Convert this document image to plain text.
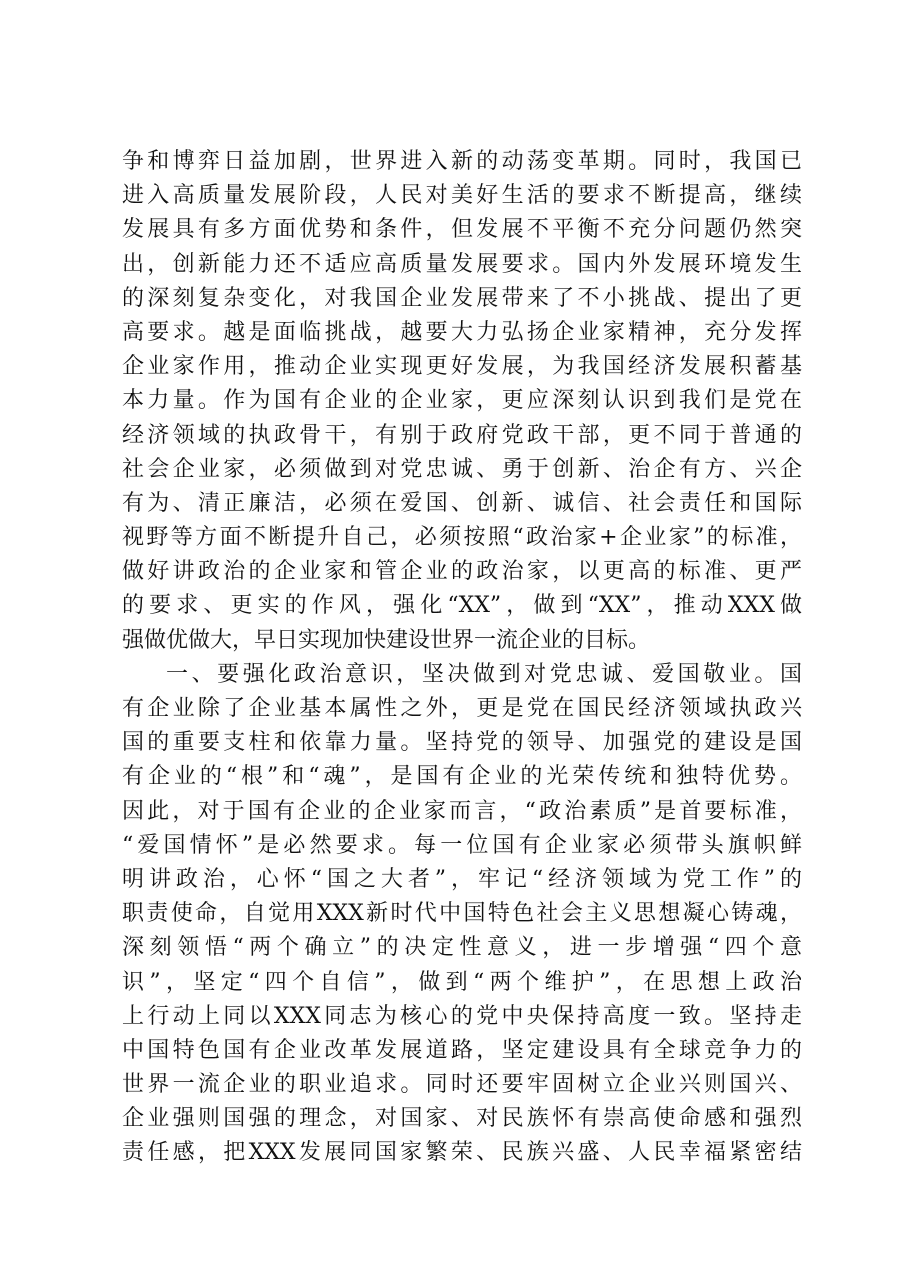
争和博弈日益加剧，世界进入新的动荡变革期。同时，我国已
进入高质量发展阶段，人民对美好生活的要求不断提高，继续
发展具有多方面优势和条件，但发展不平衡不充分问题仍然突
出，创新能力还不适应高质量发展要求。国内外发展环境发生
的深刻复杂变化，对我国企业发展带来了不小挑战、提出了更
高要求。越是面临挑战，越要大力弘扬企业家精神，充分发挥
企业家作用，推动企业实现更好发展，为我国经济发展积蓄基
本力量。作为国有企业的企业家，更应深刻认识到我们是党在
经济领域的执政骨干，有别于政府党政干部，更不同于普通的
社会企业家，必须做到对党忠诚、勇于创新、治企有方、兴企
有为、清正廉洁，必须在爱国、创新、诚信、社会责任和国际
视野等方面不断提升自己，必须按照“政治家+企业家”的标准，
做好讲政治的企业家和管企业的政治家，以更高的标准、更严
的要求、更实的作风，强化“XX”，做到“XX”，推动XXX做
强做优做大，早日实现加快建设世界一流企业的目标。
一、要强化政治意识，坚决做到对党忠诚、爱国敬业。国
有企业除了企业基本属性之外，更是党在国民经济领域执政兴
国的重要支柱和依靠力量。坚持党的领导、加强党的建设是国
有企业的“根”和“魂”，是国有企业的光荣传统和独特优势。
因此，对于国有企业的企业家而言，“政治素质”是首要标准，
“爱国情怀”是必然要求。每一位国有企业家必须带头旗帜鲜
明讲政治，心怀“国之大者”，牢记“经济领域为党工作”的
职责使命，自觉用XXX新时代中国特色社会主义思想凝心铸魂，
深刻领悟“两个确立”的决定性意义，进一步增强“四个意
识”，坚定“四个自信”，做到“两个维护”，在思想上政治
上行动上同以XXX同志为核心的党中央保持高度一致。坚持走
中国特色国有企业改革发展道路，坚定建设具有全球竞争力的
世界一流企业的职业追求。同时还要牢固树立企业兴则国兴、
企业强则国强的理念，对国家、对民族怀有崇高使命感和强烈
责任感，把XXX发展同国家繁荣、民族兴盛、人民幸福紧密结
